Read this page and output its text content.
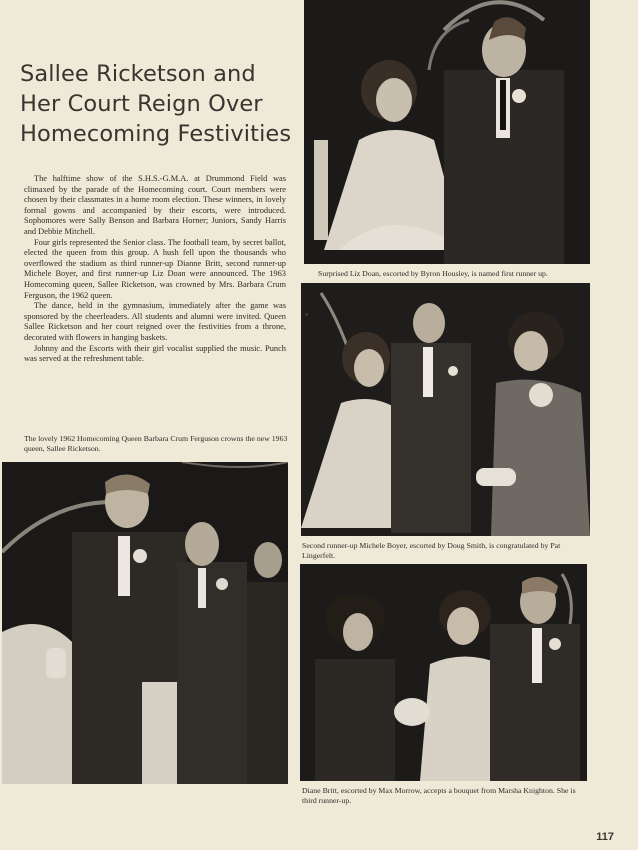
Sallee Ricketson and
Her Court Reign Over
Homecoming Festivities

The halftime show of the S.H.S.-G.M.A. at Drummond Field was climaxed by the parade of the Homecoming court. Court members were chosen by their classmates in a home room election. These winners, in lovely formal gowns and accompanied by their escorts, were introduced. Sophomores were Sally Benson and Barbara Horner; Juniors, Sandy Harris and Debbie Mitchell.

Four girls represented the Senior class. The football team, by secret ballot, elected the queen from this group. A hush fell upon the thousands who overflowed the stadium as third runner-up Dianne Britt, second runner-up Michele Boyer, and first runner-up Liz Doan were announced. The 1963 Homecoming queen, Sallee Ricketson, was crowned by Mrs. Barbara Crum Ferguson, the 1962 queen.

The dance, held in the gymnasium, immediately after the game was sponsored by the cheerleaders. All students and alumni were invited. Queen Sallee Ricketson and her court reigned over the festivities from a throne, decorated with flowers in hanging baskets.

Johnny and the Escorts with their girl vocalist supplied the music. Punch was served at the refreshment table.

Surprised Liz Doan, escorted by Byron Housley, is named first runner up.
Second runner-up Michele Boyer, escorted by Doug Smith, is congratulated by Pat Lingerfelt.
Diane Britt, escorted by Max Morrow, accepts a bouquet from Marsha Knighton. She is third runner-up.
The lovely 1962 Homecoming Queen Barbara Crum Ferguson crowns the new 1963 queen, Sallee Ricketson.
117
